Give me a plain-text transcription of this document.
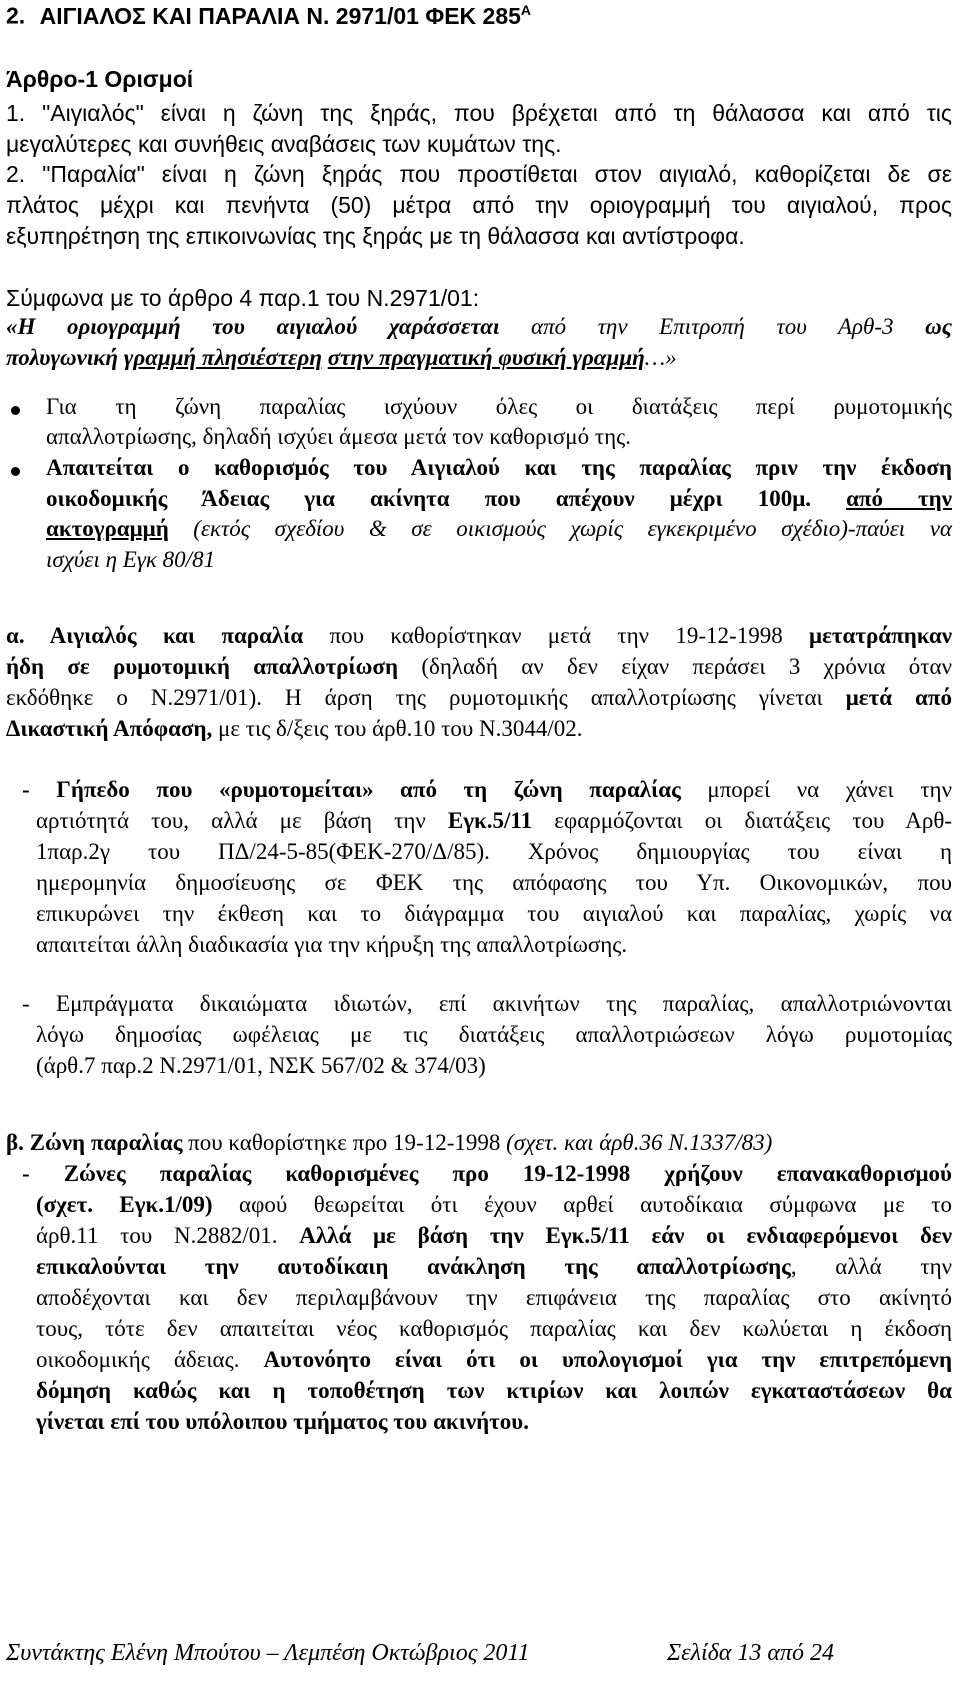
2. ΑΙΓΙΑΛΟΣ ΚΑΙ ΠΑΡΑΛΙΑ Ν. 2971/01 ΦΕΚ $285^A$
Άρθρο-1 Ορισμοί
1. "Αιγιαλός" είναι η ζώνη της ξηράς, που βρέχεται από τη θάλασσα και από τις
μεγαλύτερες και συνήθεις αναβάσεις των κυμάτων της.
2. "Παραλία" είναι η ζώνη ξηράς που προστίθεται στον αιγιαλό, καθορίζεται δε σε
πλάτος μέχρι και πενήντα (50) μέτρα από την οριογραμμή του αιγιαλού, προς
εξυπηρέτηση της επικοινωνίας της ξηράς με τη θάλασσα και αντίστροφα.
Σύμφωνα με το άρθρο 4 παρ.1 του Ν.2971/01:
«Η οριογραμμή του αιγιαλού χαράσσεται από την Επιτροπή του Αρθ-3 ως
πολυγωνική γραμμή πλησιέστερη στην πραγματική φυσική γραμμή…»
Για τη ζώνη παραλίας ισχύουν όλες οι διατάξεις περί ρυμοτομικής
απαλλοτρίωσης, δηλαδή ισχύει άμεσα μετά τον καθορισμό της.
Απαιτείται ο καθορισμός του Αιγιαλού και της παραλίας πριν την έκδοση
οικοδομικής Άδειας για ακίνητα που απέχουν μέχρι 100μ. από την
ακτογραμμή (εκτός σχεδίου & σε οικισμούς χωρίς εγκεκριμένο σχέδιο)-παύει να
ισχύει η Εγκ 80/81
α. Αιγιαλός και παραλία που καθορίστηκαν μετά την 19-12-1998 μετατράπηκαν
ήδη σε ρυμοτομική απαλλοτρίωση (δηλαδή αν δεν είχαν περάσει 3 χρόνια όταν
εκδόθηκε ο Ν.2971/01). Η άρση της ρυμοτομικής απαλλοτρίωσης γίνεται μετά από
Δικαστική Απόφαση, με τις δ/ξεις του άρθ.10 του Ν.3044/02.
- Γήπεδο που «ρυμοτομείται» από τη ζώνη παραλίας μπορεί να χάνει την
αρτιότητά του, αλλά με βάση την Εγκ.5/11 εφαρμόζονται οι διατάξεις του Αρθ-
1παρ.2γ του ΠΔ/24-5-85(ΦΕΚ-270/Δ/85). Χρόνος δημιουργίας του είναι η
ημερομηνία δημοσίευσης σε ΦΕΚ της απόφασης του Υπ. Οικονομικών, που
επικυρώνει την έκθεση και το διάγραμμα του αιγιαλού και παραλίας, χωρίς να
απαιτείται άλλη διαδικασία για την κήρυξη της απαλλοτρίωσης.
- Εμπράγματα δικαιώματα ιδιωτών, επί ακινήτων της παραλίας, απαλλοτριώνονται
λόγω δημοσίας ωφέλειας με τις διατάξεις απαλλοτριώσεων λόγω ρυμοτομίας
(άρθ.7 παρ.2 Ν.2971/01, ΝΣΚ 567/02 & 374/03)
β. Ζώνη παραλίας που καθορίστηκε προ 19-12-1998 (σχετ. και άρθ.36 Ν.1337/83)
- Ζώνες παραλίας καθορισμένες προ 19-12-1998 χρήζουν επανακαθορισμού
(σχετ. Εγκ.1/09) αφού θεωρείται ότι έχουν αρθεί αυτοδίκαια σύμφωνα με το
άρθ.11 του Ν.2882/01. Αλλά με βάση την Εγκ.5/11 εάν οι ενδιαφερόμενοι δεν
επικαλούνται την αυτοδίκαιη ανάκληση της απαλλοτρίωσης, αλλά την
αποδέχονται και δεν περιλαμβάνουν την επιφάνεια της παραλίας στο ακίνητό
τους, τότε δεν απαιτείται νέος καθορισμός παραλίας και δεν κωλύεται η έκδοση
οικοδομικής άδειας. Αυτονόητο είναι ότι οι υπολογισμοί για την επιτρεπόμενη
δόμηση καθώς και η τοποθέτηση των κτιρίων και λοιπών εγκαταστάσεων θα
γίνεται επί του υπόλοιπου τμήματος του ακινήτου.
Συντάκτης Ελένη Μπούτου – Λεμπέση Οκτώβριος 2011	Σελίδα 13 από 24
